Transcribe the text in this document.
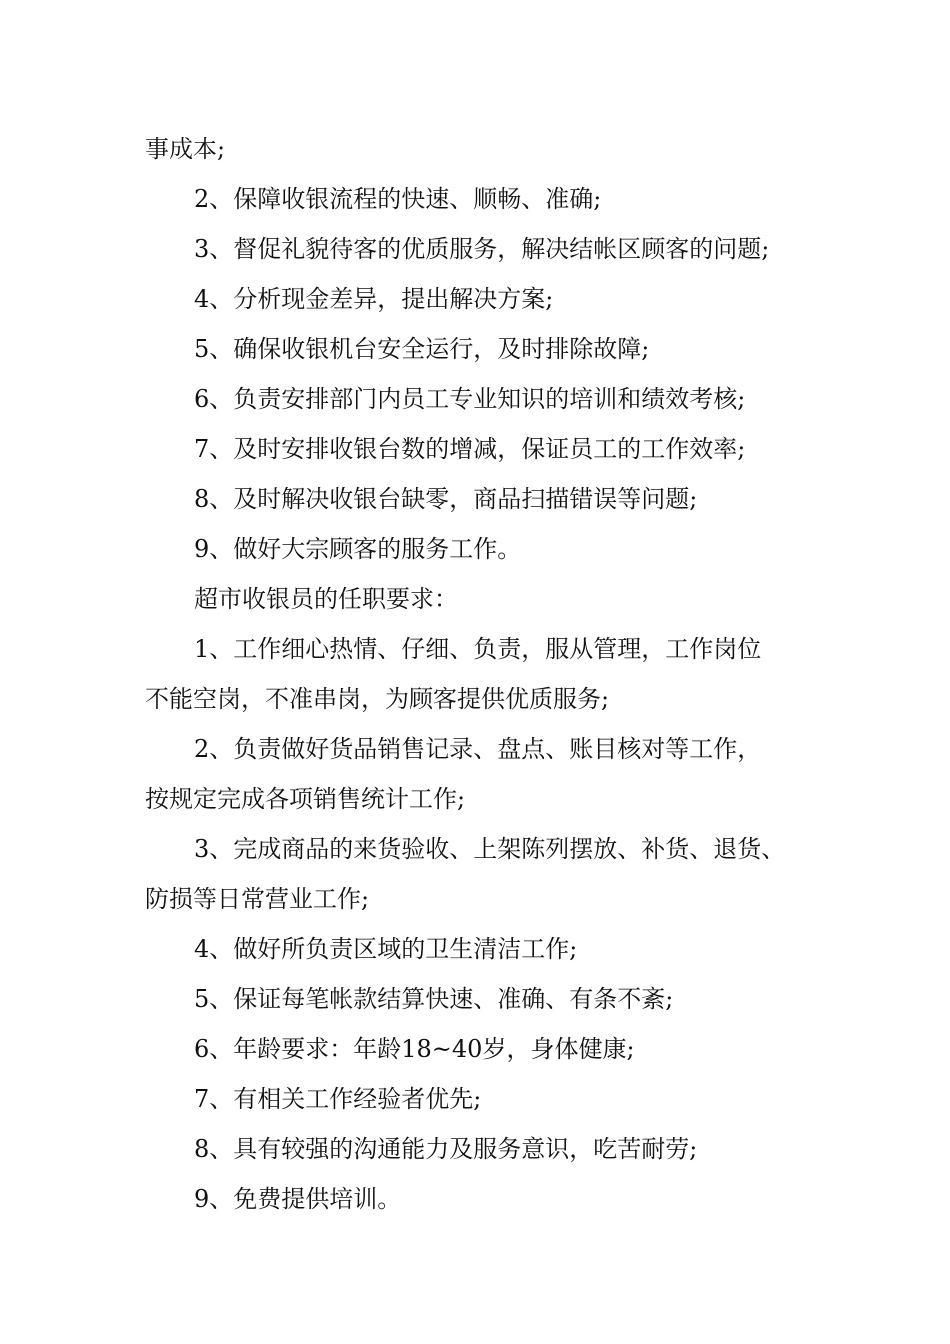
事成本;
2、保障收银流程的快速、顺畅、准确;
3、督促礼貌待客的优质服务，解决结帐区顾客的问题;
4、分析现金差异，提出解决方案;
5、确保收银机台安全运行，及时排除故障;
6、负责安排部门内员工专业知识的培训和绩效考核;
7、及时安排收银台数的增减，保证员工的工作效率;
8、及时解决收银台缺零，商品扫描错误等问题;
9、做好大宗顾客的服务工作。
超市收银员的任职要求：
1、工作细心热情、仔细、负责，服从管理，工作岗位
不能空岗，不准串岗，为顾客提供优质服务;
2、负责做好货品销售记录、盘点、账目核对等工作，
按规定完成各项销售统计工作;
3、完成商品的来货验收、上架陈列摆放、补货、退货、
防损等日常营业工作;
4、做好所负责区域的卫生清洁工作;
5、保证每笔帐款结算快速、准确、有条不紊;
6、年龄要求：年龄18~40岁，身体健康;
7、有相关工作经验者优先;
8、具有较强的沟通能力及服务意识，吃苦耐劳;
9、免费提供培训。
